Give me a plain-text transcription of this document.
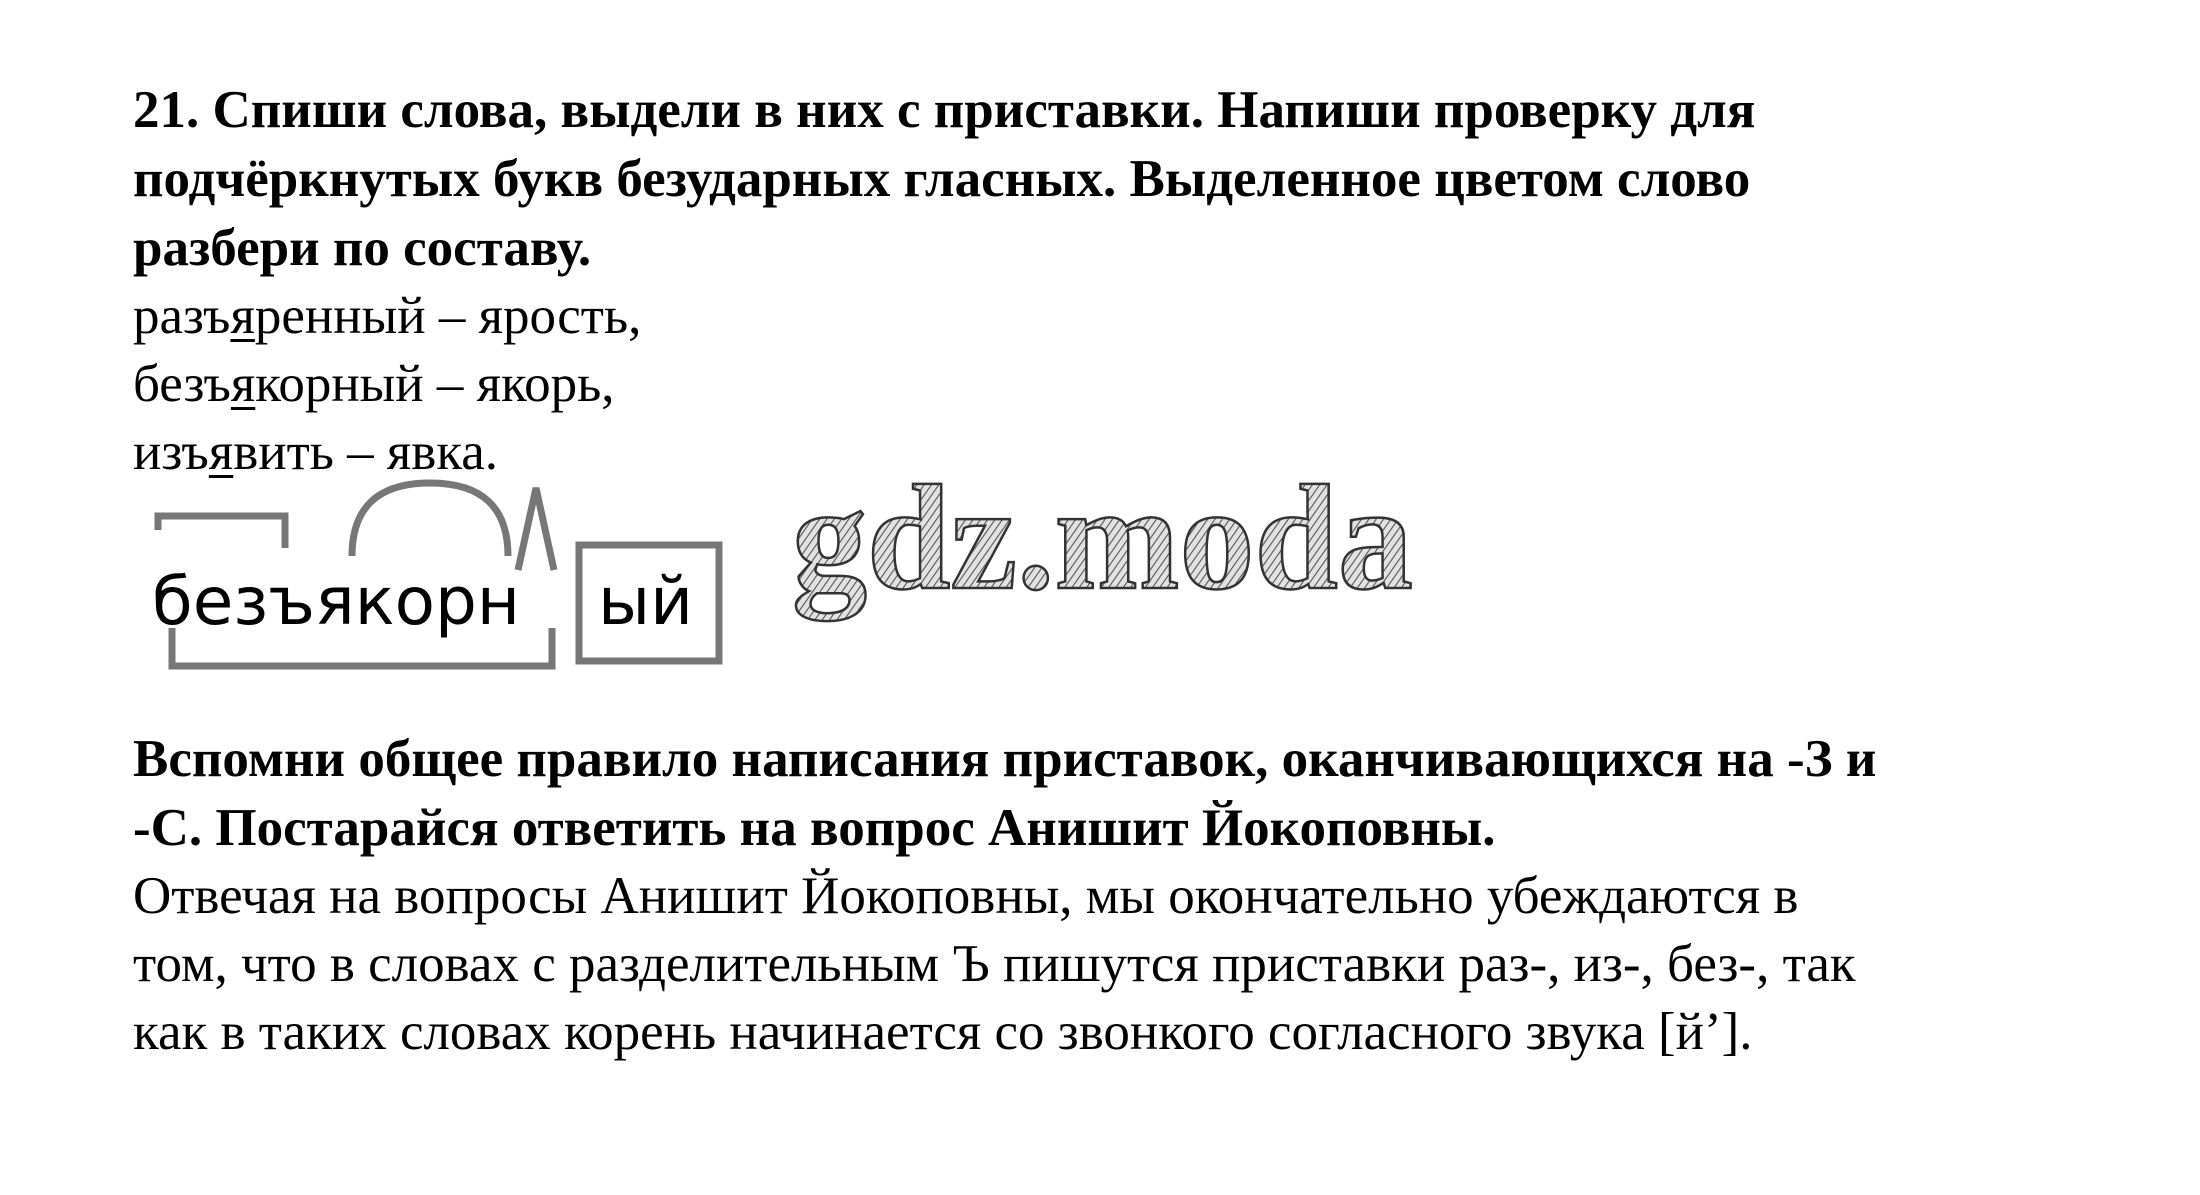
21. Спиши слова, выдели в них с приставки. Напиши проверку для
подчёркнутых букв безударных гласных. Выделенное цветом слово
разбери по составу.
разъяренный – ярость,
безъякорный – якорь,
изъявить – явка.
безъякорн ый gdz.moda
Вспомни общее правило написания приставок, оканчивающихся на -З и
-С. Постарайся ответить на вопрос Анишит Йокоповны.
Отвечая на вопросы Анишит Йокоповны, мы окончательно убеждаются в
том, что в словах с разделительным Ъ пишутся приставки раз-, из-, без-, так
как в таких словах корень начинается со звонкого согласного звука [й’].
